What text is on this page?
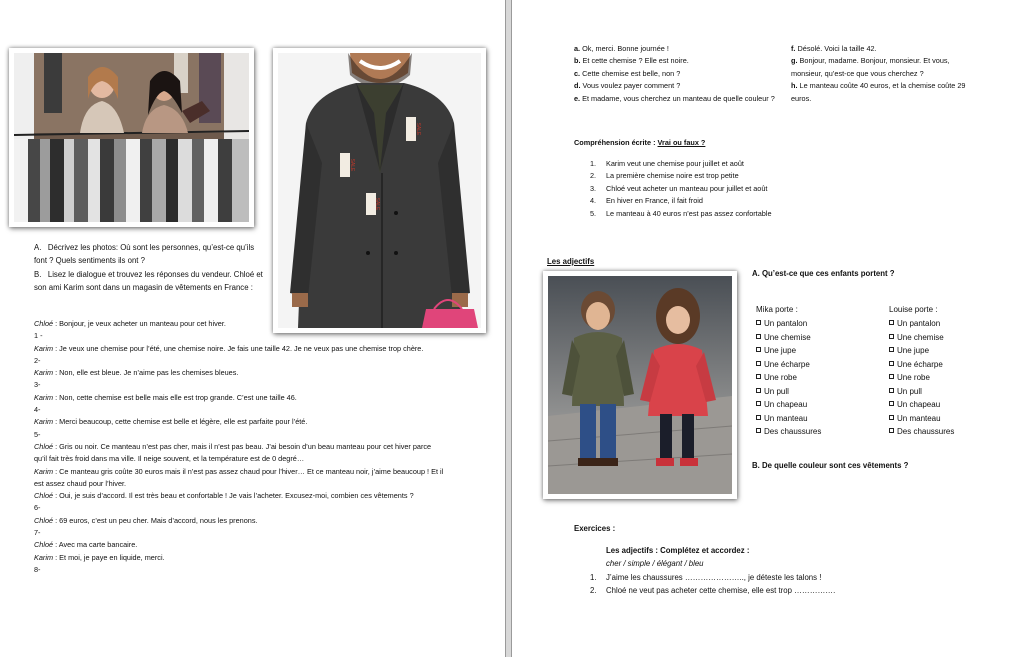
SALE
SALE
SALE
A.   Décrivez les photos: Où sont les personnes, qu’est-ce qu’ils font ? Quels sentiments ils ont ?
B.   Lisez le dialogue et trouvez les réponses du vendeur. Chloé et son ami Karim sont dans un magasin de vêtements en France :
Chloé : Bonjour, je veux acheter un manteau pour cet hiver.
1 -
Karim : Je veux une chemise pour l’été, une chemise noire. Je fais une taille 42. Je ne veux pas une chemise trop chère.
2-
Karim : Non, elle est bleue. Je n’aime pas les chemises bleues.
3-
Karim : Non, cette chemise est belle mais elle est trop grande. C’est une taille 46.
4-
Karim : Merci beaucoup, cette chemise est belle et légère, elle est parfaite pour l’été.
5-
Chloé : Gris ou noir. Ce manteau n’est pas cher, mais il n’est pas beau. J’ai besoin d’un beau manteau pour cet hiver parce qu’il fait très froid dans ma ville. Il neige souvent, et la température est de 0 degré…
Karim : Ce manteau gris coûte 30 euros mais il n’est pas assez chaud pour l’hiver… Et ce manteau noir, j’aime beaucoup ! Et il est assez chaud pour l’hiver.
Chloé : Oui, je suis d’accord. Il est très beau et confortable ! Je vais l’acheter. Excusez-moi, combien ces vêtements ?
6-
Chloé : 69 euros, c’est un peu cher. Mais d’accord, nous les prenons.
7-
Chloé : Avec ma carte bancaire.
Karim : Et moi, je paye en liquide, merci.
8-
a. Ok, merci. Bonne journée !
b. Et cette chemise ? Elle est noire.
c. Cette chemise est belle, non ?
d. Vous voulez payer comment ?
e. Et madame, vous cherchez un manteau de quelle couleur ?
f. Désolé. Voici la taille 42.
g. Bonjour, madame. Bonjour, monsieur. Et vous, monsieur, qu’est-ce que vous cherchez ?
h. Le manteau coûte 40 euros, et la chemise coûte 29 euros.
Compréhension écrite : Vrai ou faux ?
1. Karim veut une chemise pour juillet et août
2. La première chemise noire est trop petite
3. Chloé veut acheter un manteau pour juillet et août
4. En hiver en France, il fait froid
5. Le manteau à 40 euros n’est pas assez confortable
Les adjectifs
A. Qu’est-ce que ces enfants portent ?
Mika porte :
Un pantalon
Une chemise
Une jupe
Une écharpe
Une robe
Un pull
Un chapeau
Un manteau
Des chaussures
Louise porte :
Un pantalon
Une chemise
Une jupe
Une écharpe
Une robe
Un pull
Un chapeau
Un manteau
Des chaussures
B. De quelle couleur sont ces vêtements ?
Exercices :
Les adjectifs : Complétez et accordez :
cher / simple / élégant / bleu
1. J’aime les chaussures ………………….., je déteste les talons !
2. Chloé ne veut pas acheter cette chemise, elle est trop …………….
